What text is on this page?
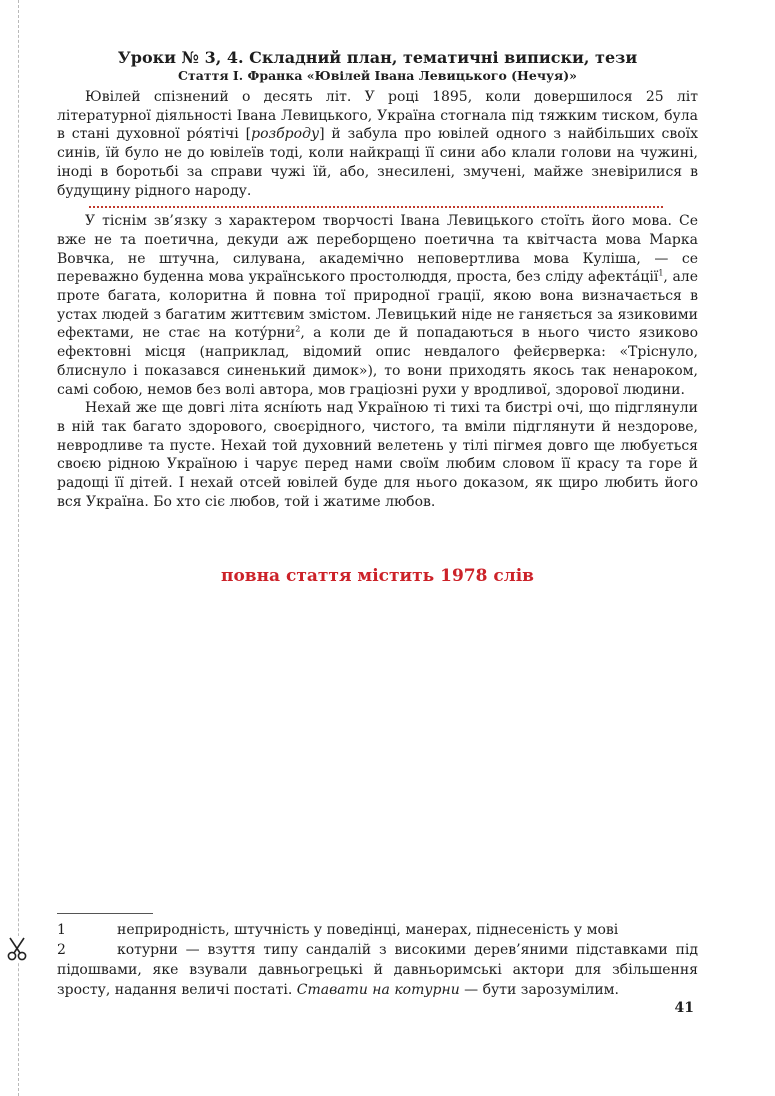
Уроки № 3, 4. Складний план, тематичні виписки, тези
Стаття І. Франка «Ювілей Івана Левицького (Нечуя)»

Ювілей спізнений о десять літ. У році 1895, коли довершилося 25 літ літературної діяльності Івана Левицького, Україна стогнала під тяжким тиском, була в стані духовної ро́ятічі [розброду] й забула про ювілей одного з найбільших своїх синів, їй було не до ювілеїв тоді, коли найкращі її сини або клали голови на чужині, іноді в боротьбі за справи чужі їй, або, знесилені, змучені, майже зневірилися в будущину рідного народу.

У тіснім зв’язку з характером творчості Івана Левицького стоїть його мова. Се вже не та поетична, декуди аж переборщено поетична та квітчаста мова Марка Вовчка, не штучна, силувана, академічно неповертлива мова Куліша, — се переважно буденна мова українського простолюддя, проста, без сліду афектáції$^1$, але проте багата, колоритна й повна тої природної грації, якою вона визначається в устах людей з багатим життєвим змістом. Левицький ніде не ганяється за язиковими ефектами, не стає на котýрни$^2$, а коли де й попадаються в нього чисто язиково ефектовні місця (наприклад, відомий опис невдалого фейєрверка: «Тріснуло, блиснуло і показався синенький димок»), то вони приходять якось так ненароком, самі собою, немов без волі автора, мов граціозні рухи у вродливої, здорової людини.

Нехай же ще довгі літа яснíють над Україною ті тихі та бистрі очі, що підглянули в ній так багато здорового, своєрідного, чистого, та вміли підглянути й нездорове, невродливе та пусте. Нехай той духовний велетень у тілі пігмея довго ще любується своєю рідною Україною і чарує перед нами своїм любим словом її красу та горе й радощі її дітей. І нехай отсей ювілей буде для нього доказом, як щиро любить його вся Україна. Бо хто сіє любов, той і жатиме любов.

повна стаття містить 1978 слів

1	неприродність, штучність у поведінці, манерах, піднесеність у мові

2	котурни — взуття типу сандалій з високими дерев’яними підставками під підошвами, яке взували давньогрецькі й давньоримські актори для збільшення зросту, надання величі постаті. Ставати на котурни — бути зарозумілим.

41
